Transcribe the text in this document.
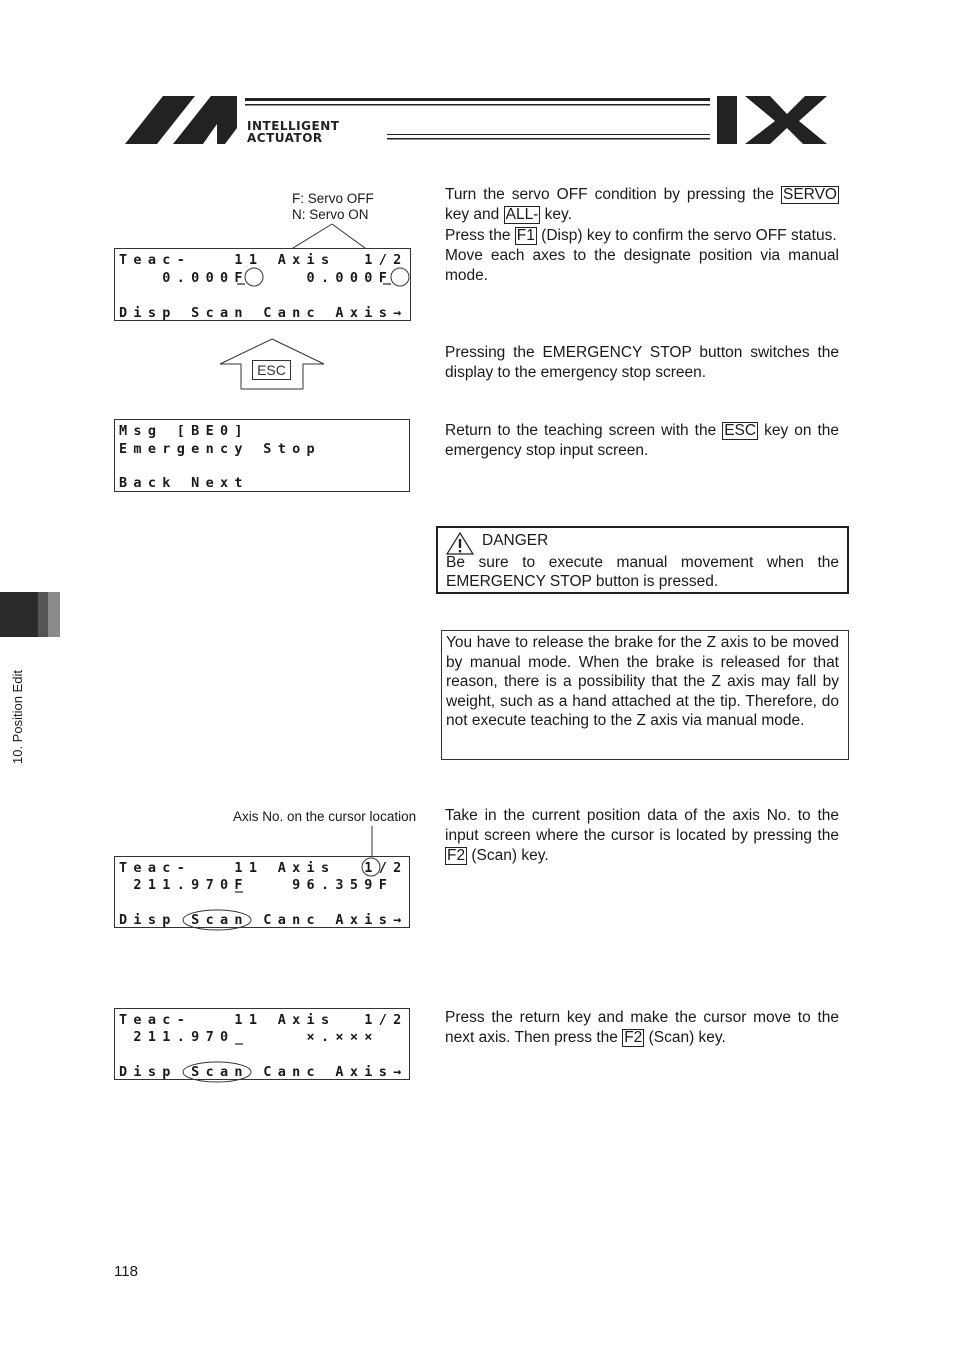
INTELLIGENT
ACTUATOR
10. Position Edit
F: Servo OFF
N: Servo ON

Teac-   11 Axis  1/2

0.000F    0.000F

Disp Scan Canc Axis→

Turn the servo OFF condition by pressing the SERVO key and ALL- key.
Press the F1 (Disp) key to confirm the servo OFF status.
Move each axes to the designate position via manual mode.
ESC

Pressing the EMERGENCY STOP button switches the display to the emergency stop screen.

Msg [BE0]

Emergency Stop

Back Next

Return to the teaching screen with the ESC key on the emergency stop input screen.
DANGER
Be sure to execute manual movement when the EMERGENCY STOP button is pressed.
You have to release the brake for the Z axis to be moved by manual mode. When the brake is released for that reason, there is a possibility that the Z axis may fall by weight, such as a hand attached at the tip. Therefore, do not execute teaching to the Z axis via manual mode.
Axis No. on the cursor location

Teac-   11 Axis  1/2

211.970F   96.359F

Disp Scan Canc Axis→

Take in the current position data of the axis No. to the input screen where the cursor is located by pressing the F2 (Scan) key.

Teac-   11 Axis  1/2

211.970     ×.×××

Disp Scan Canc Axis→

Press the return key and make the cursor move to the next axis. Then press the F2 (Scan) key.
118
